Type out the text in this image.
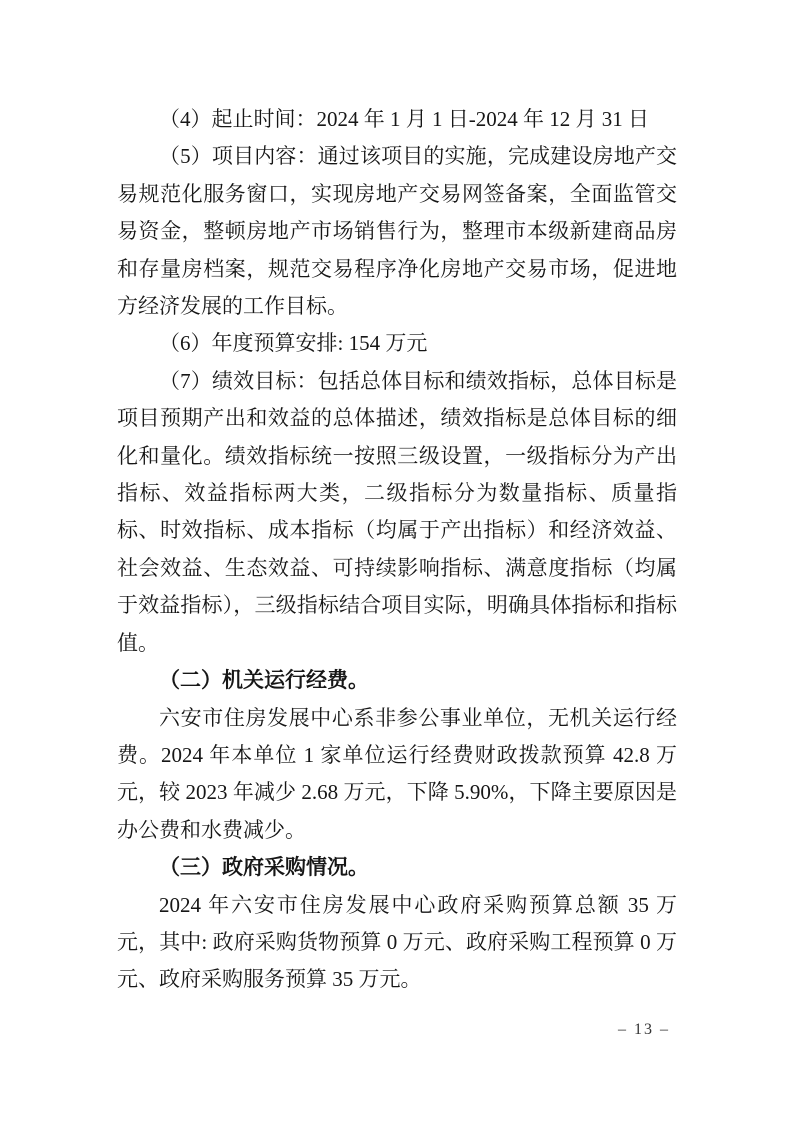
（4）起止时间：2024 年 1 月 1 日-2024 年 12 月 31 日

（5）项目内容：通过该项目的实施，完成建设房地产交易规范化服务窗口，实现房地产交易网签备案，全面监管交易资金，整顿房地产市场销售行为，整理市本级新建商品房和存量房档案，规范交易程序净化房地产交易市场，促进地方经济发展的工作目标。

（6）年度预算安排: 154 万元

（7）绩效目标：包括总体目标和绩效指标，总体目标是项目预期产出和效益的总体描述，绩效指标是总体目标的细化和量化。绩效指标统一按照三级设置，一级指标分为产出指标、效益指标两大类，二级指标分为数量指标、质量指标、时效指标、成本指标（均属于产出指标）和经济效益、社会效益、生态效益、可持续影响指标、满意度指标（均属于效益指标），三级指标结合项目实际，明确具体指标和指标值。

（二）机关运行经费。

六安市住房发展中心系非参公事业单位，无机关运行经费。2024 年本单位 1 家单位运行经费财政拨款预算 42.8 万元，较 2023 年减少 2.68 万元，下降 5.90%，下降主要原因是办公费和水费减少。

（三）政府采购情况。

2024 年六安市住房发展中心政府采购预算总额 35 万元，其中: 政府采购货物预算 0 万元、政府采购工程预算 0 万元、政府采购服务预算 35 万元。

– 13 –
